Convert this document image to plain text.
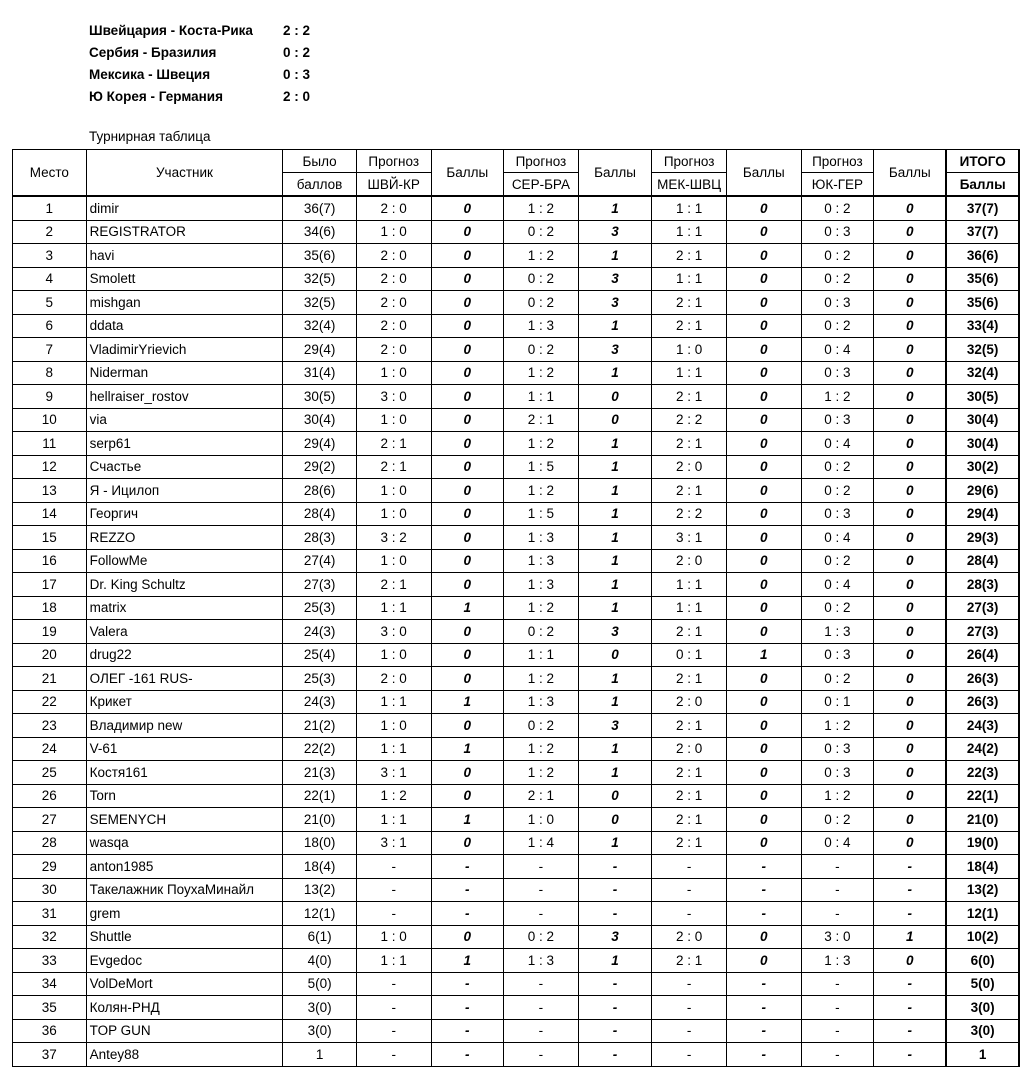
Швейцария - Коста-Рика 2 : 2
Сербия - Бразилия	0 : 2
Мексика - Швеция	0 : 3
Ю Корея - Германия	2 : 0
Турнирная таблица
Место	Участник	Было	Прогноз	Баллы	Прогноз	Баллы	Прогноз	Баллы	Прогноз	Баллы	ИТОГО
		баллов	ШВЙ-КР		СЕР-БРА		МЕК-ШВЦ		ЮК-ГЕР		Баллы
1	dimir	36(7)	2 : 0	0	1 : 2	1	1 : 1	0	0 : 2	0	37(7)
2	REGISTRATOR	34(6)	1 : 0	0	0 : 2	3	1 : 1	0	0 : 3	0	37(7)
3	havi	35(6)	2 : 0	0	1 : 2	1	2 : 1	0	0 : 2	0	36(6)
4	Smolett	32(5)	2 : 0	0	0 : 2	3	1 : 1	0	0 : 2	0	35(6)
5	mishgan	32(5)	2 : 0	0	0 : 2	3	2 : 1	0	0 : 3	0	35(6)
6	ddata	32(4)	2 : 0	0	1 : 3	1	2 : 1	0	0 : 2	0	33(4)
7	VladimirYrievich	29(4)	2 : 0	0	0 : 2	3	1 : 0	0	0 : 4	0	32(5)
8	Niderman	31(4)	1 : 0	0	1 : 2	1	1 : 1	0	0 : 3	0	32(4)
9	hellraiser_rostov	30(5)	3 : 0	0	1 : 1	0	2 : 1	0	1 : 2	0	30(5)
10	via	30(4)	1 : 0	0	2 : 1	0	2 : 2	0	0 : 3	0	30(4)
11	serp61	29(4)	2 : 1	0	1 : 2	1	2 : 1	0	0 : 4	0	30(4)
12	Счастье	29(2)	2 : 1	0	1 : 5	1	2 : 0	0	0 : 2	0	30(2)
13	Я - Ицилоп	28(6)	1 : 0	0	1 : 2	1	2 : 1	0	0 : 2	0	29(6)
14	Георгич	28(4)	1 : 0	0	1 : 5	1	2 : 2	0	0 : 3	0	29(4)
15	REZZO	28(3)	3 : 2	0	1 : 3	1	3 : 1	0	0 : 4	0	29(3)
16	FollowMe	27(4)	1 : 0	0	1 : 3	1	2 : 0	0	0 : 2	0	28(4)
17	Dr. King Schultz	27(3)	2 : 1	0	1 : 3	1	1 : 1	0	0 : 4	0	28(3)
18	matrix	25(3)	1 : 1	1	1 : 2	1	1 : 1	0	0 : 2	0	27(3)
19	Valera	24(3)	3 : 0	0	0 : 2	3	2 : 1	0	1 : 3	0	27(3)
20	drug22	25(4)	1 : 0	0	1 : 1	0	0 : 1	1	0 : 3	0	26(4)
21	ОЛЕГ -161 RUS-	25(3)	2 : 0	0	1 : 2	1	2 : 1	0	0 : 2	0	26(3)
22	Крикет	24(3)	1 : 1	1	1 : 3	1	2 : 0	0	0 : 1	0	26(3)
23	Владимир new	21(2)	1 : 0	0	0 : 2	3	2 : 1	0	1 : 2	0	24(3)
24	V-61	22(2)	1 : 1	1	1 : 2	1	2 : 0	0	0 : 3	0	24(2)
25	Костя161	21(3)	3 : 1	0	1 : 2	1	2 : 1	0	0 : 3	0	22(3)
26	Torn	22(1)	1 : 2	0	2 : 1	0	2 : 1	0	1 : 2	0	22(1)
27	SEMENYCH	21(0)	1 : 1	1	1 : 0	0	2 : 1	0	0 : 2	0	21(0)
28	wasqa	18(0)	3 : 1	0	1 : 4	1	2 : 1	0	0 : 4	0	19(0)
29	anton1985	18(4)	-	-	-	-	-	-	-	-	18(4)
30	Такелажник ПоухаМинайл	13(2)	-	-	-	-	-	-	-	-	13(2)
31	grem	12(1)	-	-	-	-	-	-	-	-	12(1)
32	Shuttle	6(1)	1 : 0	0	0 : 2	3	2 : 0	0	3 : 0	1	10(2)
33	Evgedoc	4(0)	1 : 1	1	1 : 3	1	2 : 1	0	1 : 3	0	6(0)
34	VolDeMort	5(0)	-	-	-	-	-	-	-	-	5(0)
35	Колян-РНД	3(0)	-	-	-	-	-	-	-	-	3(0)
36	TOP GUN	3(0)	-	-	-	-	-	-	-	-	3(0)
37	Antey88	1	-	-	-	-	-	-	-	-	1
